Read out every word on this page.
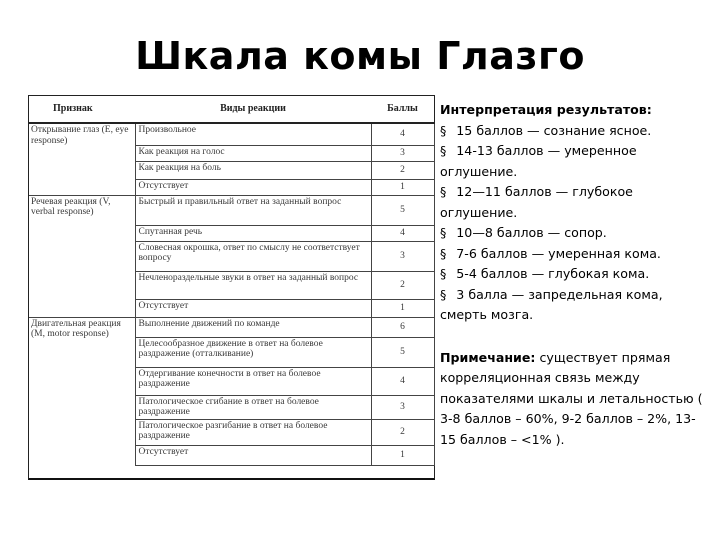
Шкала комы Глазго
Признак	Виды реакции	Баллы
Открывание глаз (E, eye response)	Произвольное	4
	Как реакция на голос	3
	Как реакция на боль	2
	Отсутствует	1
Речевая реакция (V, verbal response)	Быстрый и правильный ответ на заданный вопрос	5
	Спутанная речь	4
	Словесная окрошка, ответ по смыслу не соответствует вопросу	3
	Нечленораздельные звуки в ответ на заданный вопрос	2
	Отсутствует	1
Двигательная реакция (M, motor response)	Выполнение движений по команде	6
	Целесообразное движение в ответ на болевое раздражение (отталкивание)	5
	Отдергивание конечности в ответ на болевое раздражение	4
	Патологическое сгибание в ответ на болевое раздражение	3
	Патологическое разгибание в ответ на болевое раздражение	2
	Отсутствует	1
Интерпретация результатов:
§ 15 баллов — сознание ясное.
§ 14-13 баллов — умеренное оглушение.
§ 12—11 баллов — глубокое оглушение.
§ 10—8 баллов — сопор.
§ 7-6 баллов — умеренная кома.
§ 5-4 баллов — глубокая кома.
§ 3 балла — запредельная кома, смерть мозга.
Примечание: существует прямая корреляционная связь между показателями шкалы и летальностью ( 3-8 баллов – 60%, 9-2 баллов – 2%, 13-15 баллов – <1% ).
